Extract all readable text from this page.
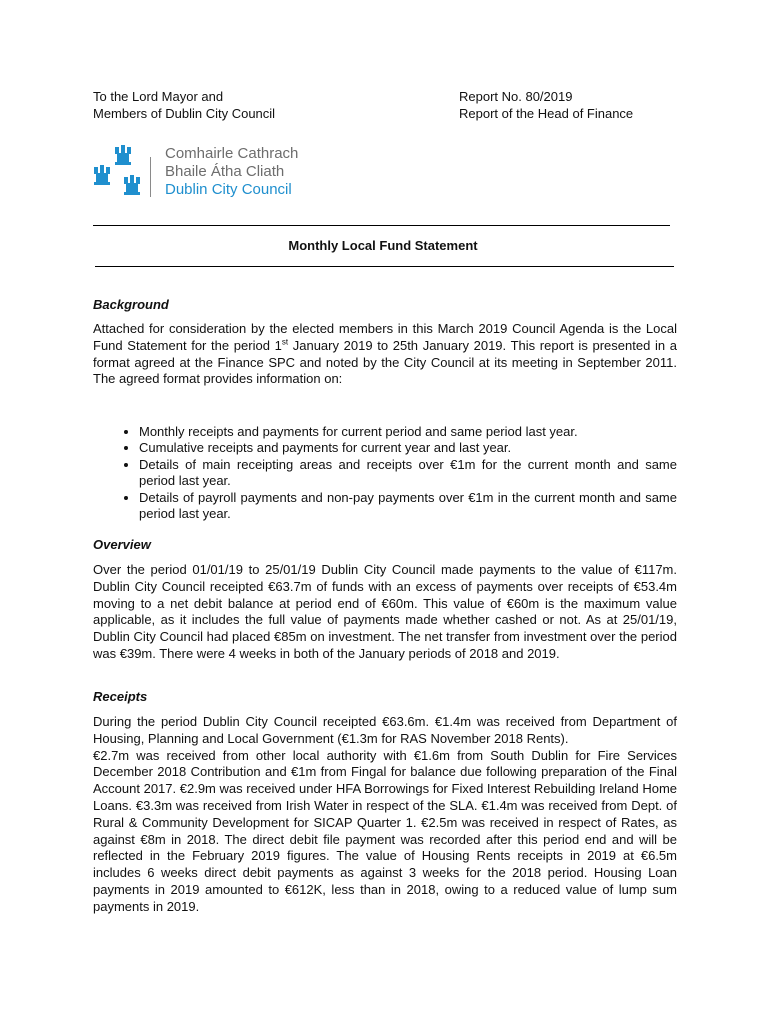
To the Lord Mayor and
Members of Dublin City Council
Report No. 80/2019
Report of the Head of Finance
Comhairle Cathrach
Bhaile Átha Cliath
Dublin City Council
Monthly Local Fund Statement
Background
Attached for consideration by the elected members in this March 2019 Council Agenda is the Local Fund Statement for the period 1st January 2019 to 25th January 2019. This report is presented in a format agreed at the Finance SPC and noted by the City Council at its meeting in September 2011. The agreed format provides information on:
• Monthly receipts and payments for current period and same period last year.
• Cumulative receipts and payments for current year and last year.
• Details of main receipting areas and receipts over €1m for the current month and same period last year.
• Details of payroll payments and non-pay payments over €1m in the current month and same period last year.
Overview
Over the period 01/01/19 to 25/01/19 Dublin City Council made payments to the value of €117m. Dublin City Council receipted €63.7m of funds with an excess of payments over receipts of €53.4m moving to a net debit balance at period end of €60m. This value of €60m is the maximum value applicable, as it includes the full value of payments made whether cashed or not. As at 25/01/19, Dublin City Council had placed €85m on investment. The net transfer from investment over the period was €39m. There were 4 weeks in both of the January periods of 2018 and 2019.
Receipts

During the period Dublin City Council receipted €63.6m. €1.4m was received from Department of Housing, Planning and Local Government (€1.3m for RAS November 2018 Rents).

€2.7m was received from other local authority with €1.6m from South Dublin for Fire Services December 2018 Contribution and €1m from Fingal for balance due following preparation of the Final Account 2017. €2.9m was received under HFA Borrowings for Fixed Interest Rebuilding Ireland Home Loans. €3.3m was received from Irish Water in respect of the SLA. €1.4m was received from Dept. of Rural & Community Development for SICAP Quarter 1. €2.5m was received in respect of Rates, as against €8m in 2018. The direct debit file payment was recorded after this period end and will be reflected in the February 2019 figures. The value of Housing Rents receipts in 2019 at €6.5m includes 6 weeks direct debit payments as against 3 weeks for the 2018 period. Housing Loan payments in 2019 amounted to €612K, less than in 2018, owing to a reduced value of lump sum payments in 2019.
